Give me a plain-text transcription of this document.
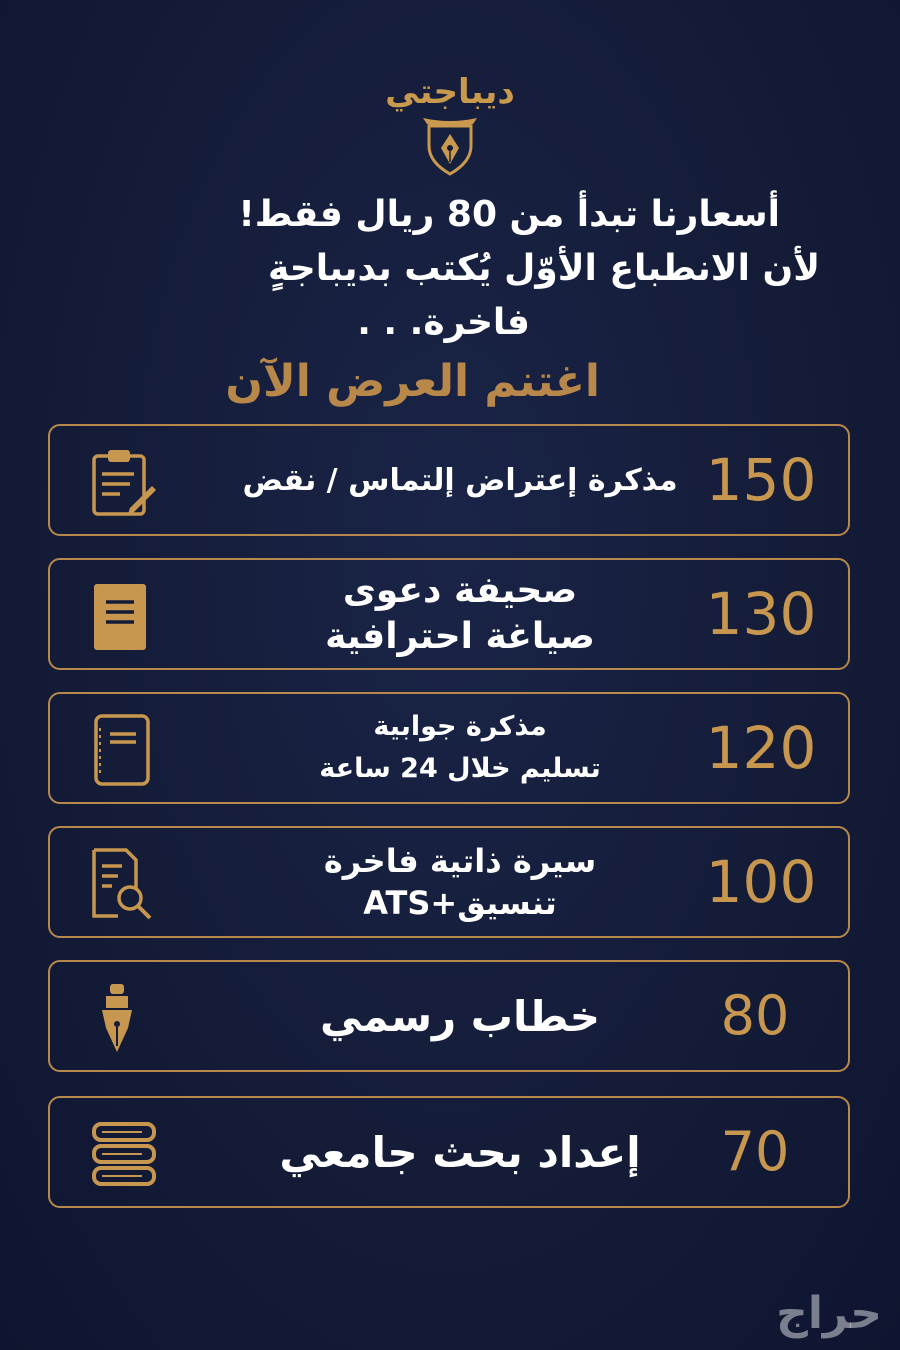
ديباجتي
أسعارنا تبدأ من 80 ريال فقط!
لأن الانطباع الأوّل يُكتب بديباجةٍ
فاخرة. . .
اغتنم العرض الآن
150
مذكرة إعتراض إلتماس / نقض
130
صحيفة دعوى
صياغة احترافية
120
مذكرة جوابية
تسليم خلال 24 ساعة
100
سيرة ذاتية فاخرة
تنسيق+ATS
80
خطاب رسمي
70
إعداد بحث جامعي
حراج
